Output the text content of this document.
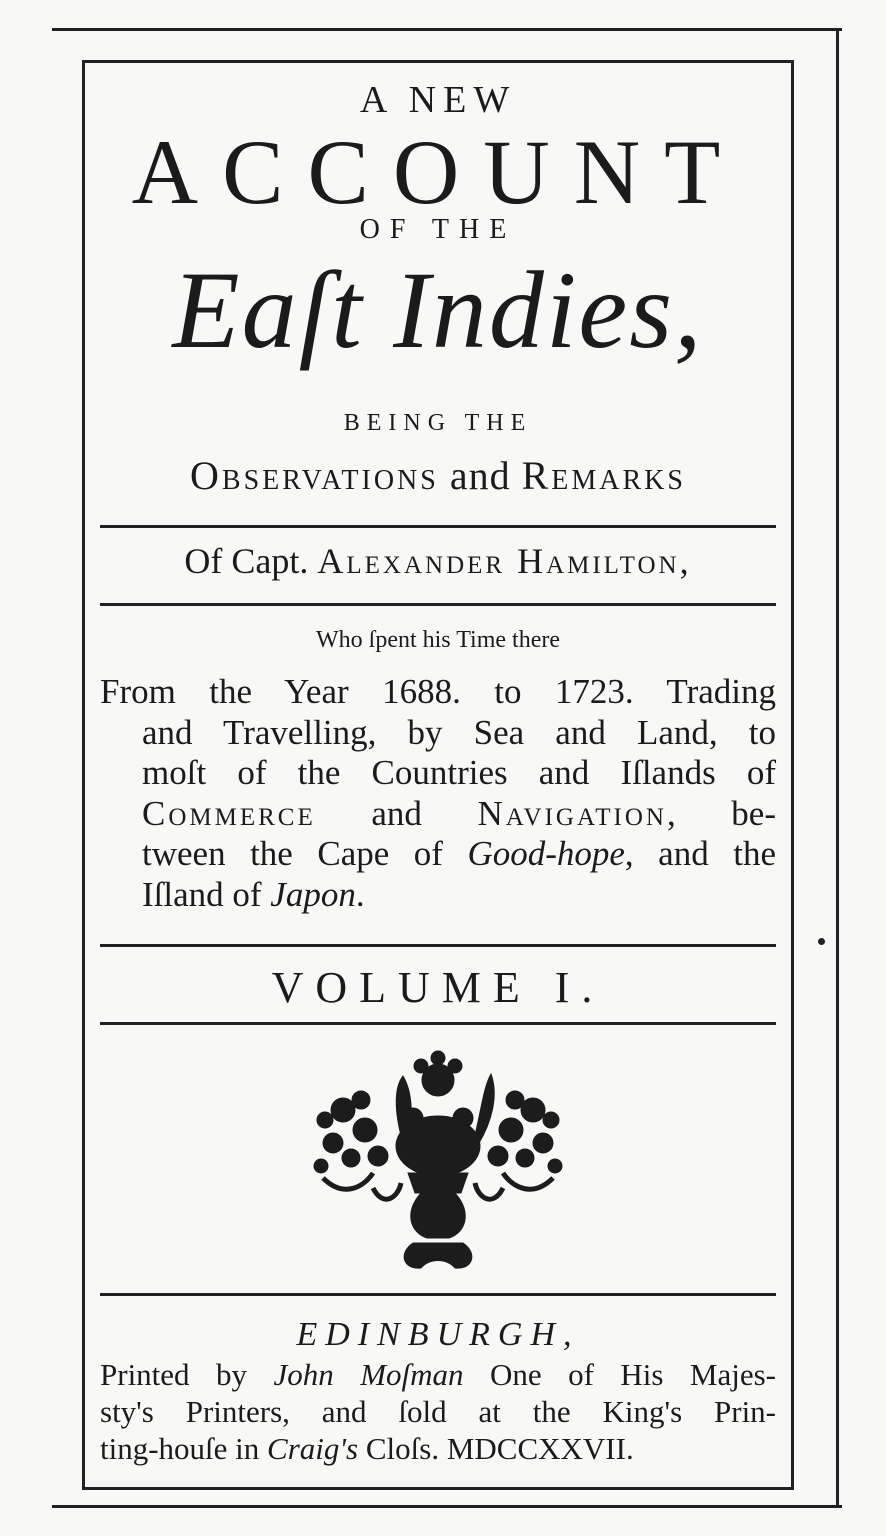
A NEW
ACCOUNT
OF THE
Eaſt Indies,
BEING THE
Observations and Remarks
Of Capt. Alexander Hamilton,
Who ſpent his Time there
From the Year 1688. to 1723. Trading
and Travelling, by Sea and Land, to
moſt of the Countries and Iſlands of
Commerce and Navigation, be-
tween the Cape of Good-hope, and the
Iſland of Japon.
VOLUME I.
EDINBURGH,
Printed by John Moſman One of His Majes-
sty's Printers, and ſold at the King's Prin-
ting-houſe in Craig's Cloſs. MDCCXXVII.
